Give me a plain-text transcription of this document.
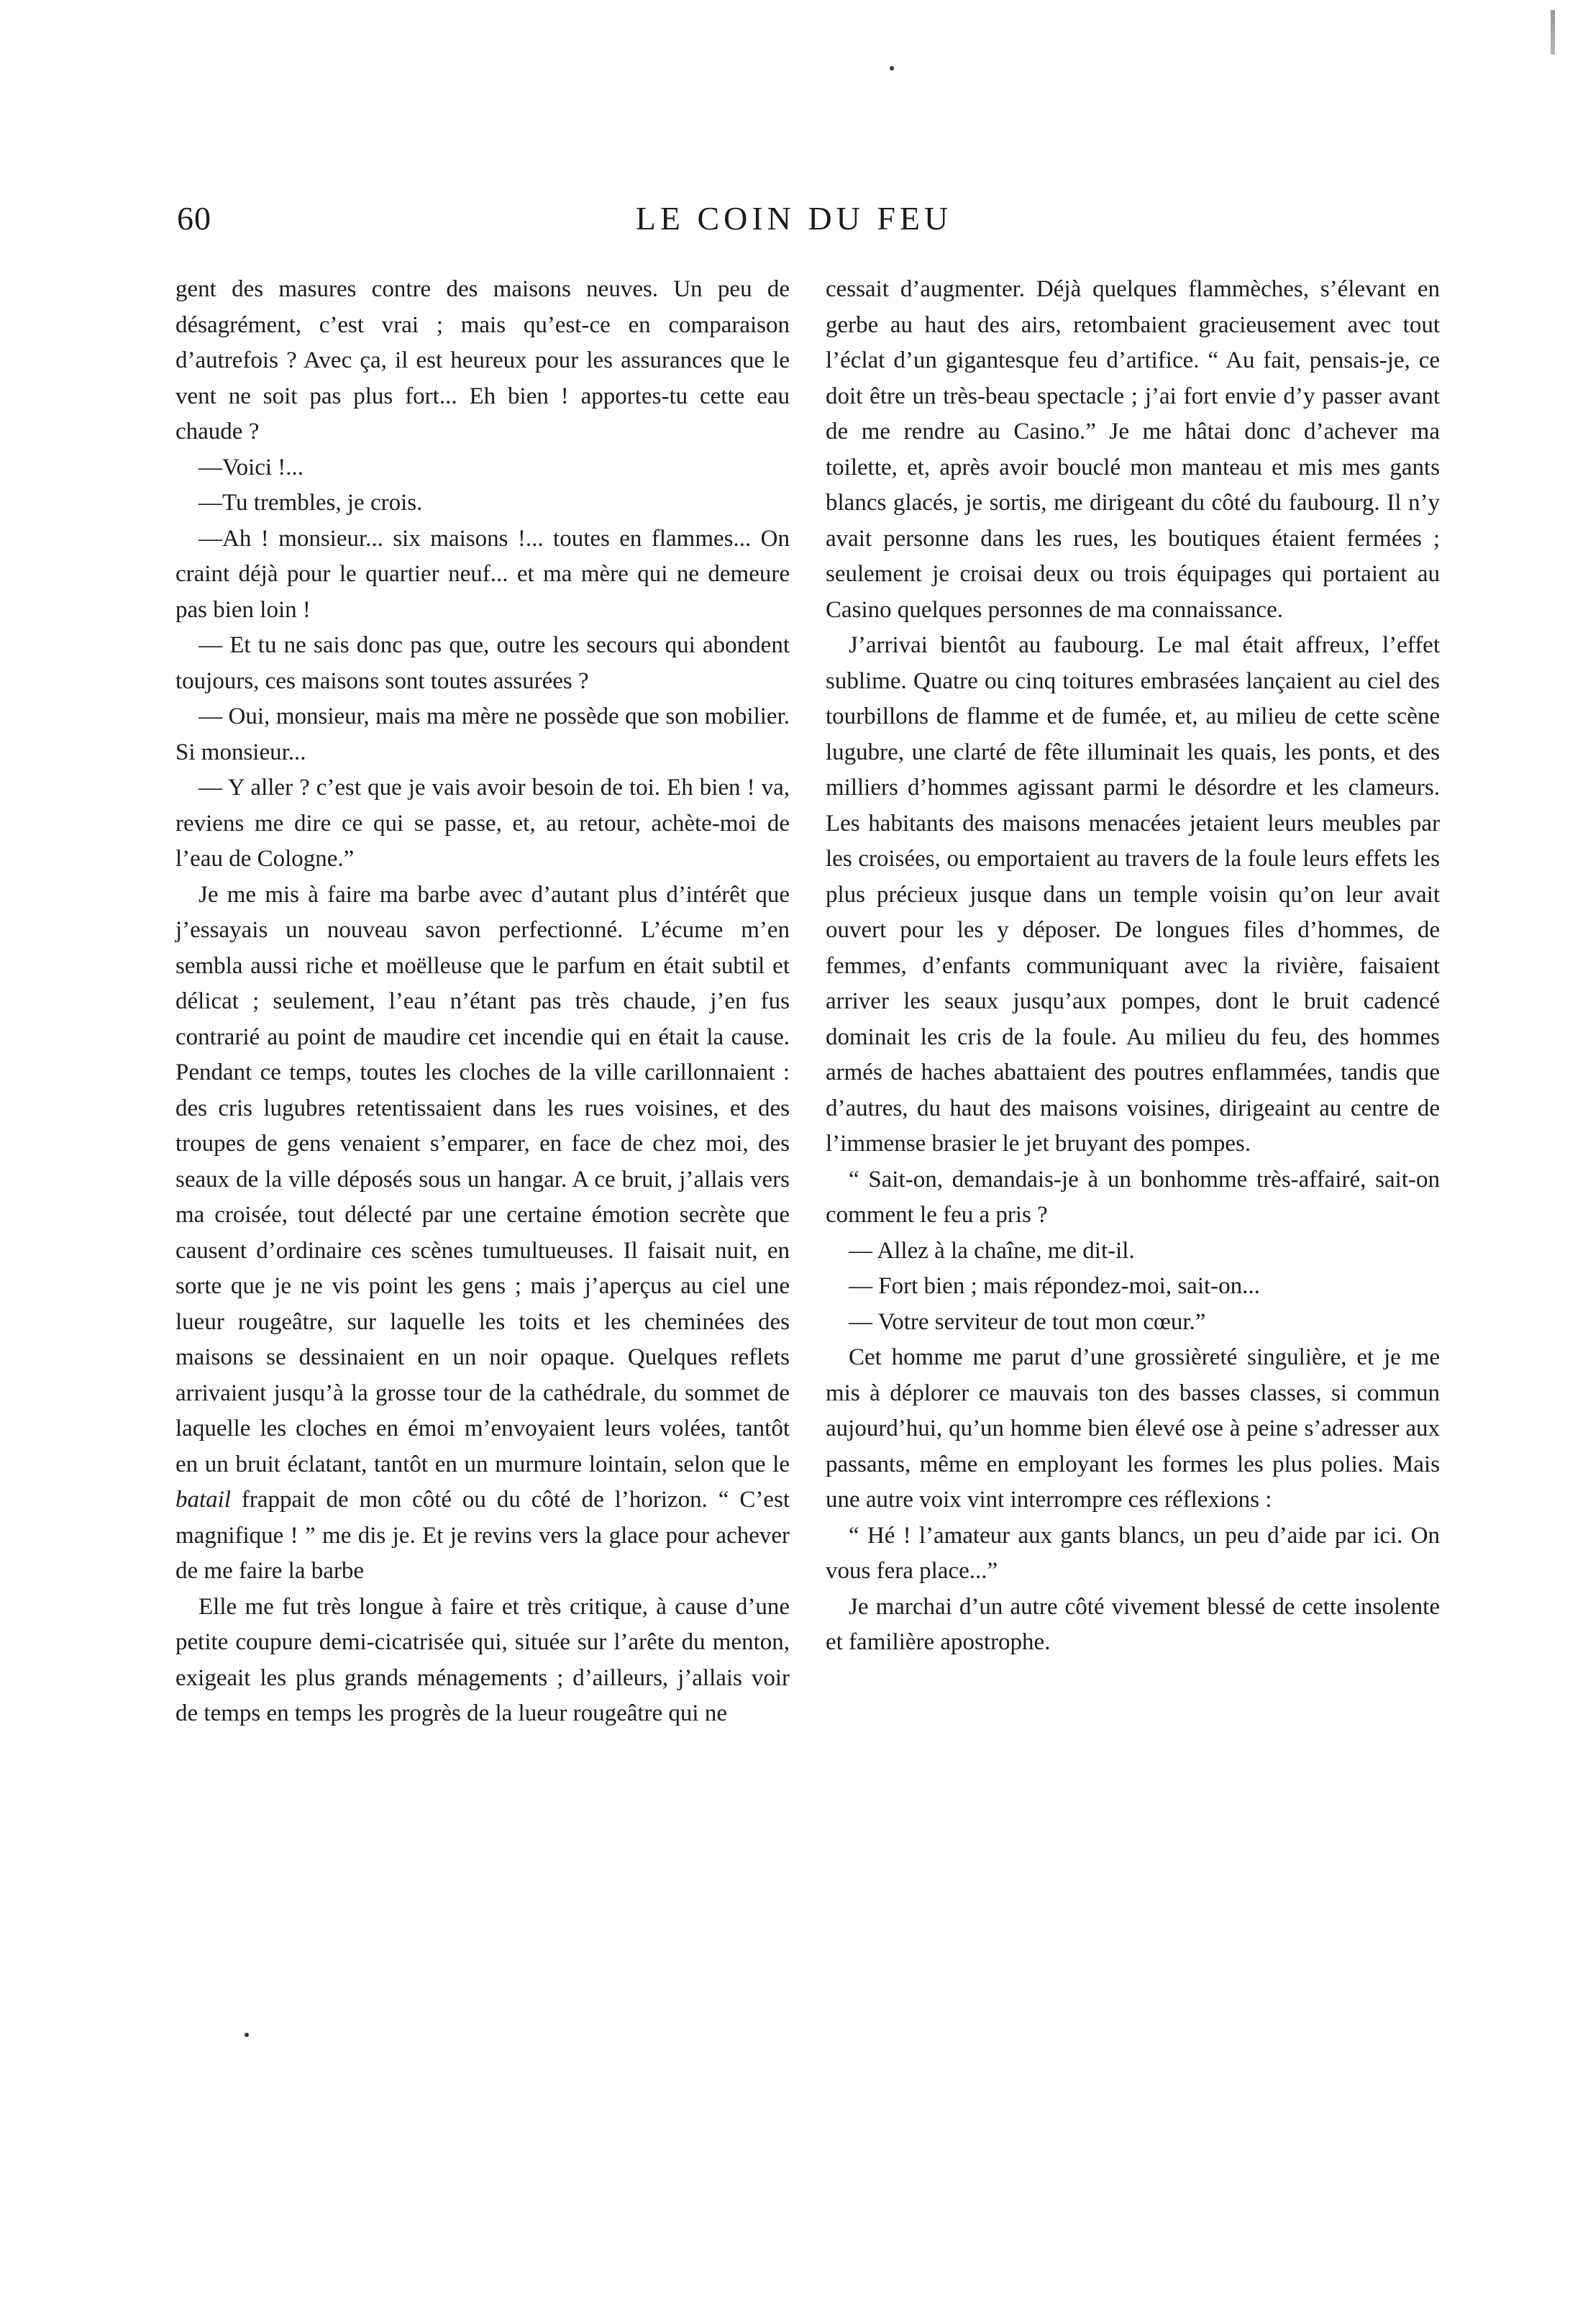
60	LE COIN DU FEU

gent des masures contre des maisons neuves. Un peu de désagrément, c’est vrai ; mais qu’est-ce en comparaison d’autrefois ? Avec ça, il est heureux pour les assurances que le vent ne soit pas plus fort... Eh bien ! apportes-tu cette eau chaude ?

—Voici !...

—Tu trembles, je crois.

—Ah ! monsieur... six maisons !... toutes en flammes... On craint déjà pour le quartier neuf... et ma mère qui ne demeure pas bien loin !

— Et tu ne sais donc pas que, outre les secours qui abondent toujours, ces maisons sont toutes assurées ?

— Oui, monsieur, mais ma mère ne possède que son mobilier. Si monsieur...

— Y aller ? c’est que je vais avoir besoin de toi. Eh bien ! va, reviens me dire ce qui se passe, et, au retour, achète-moi de l’eau de Cologne.”

Je me mis à faire ma barbe avec d’autant plus d’intérêt que j’essayais un nouveau savon perfectionné. L’écume m’en sembla aussi riche et moëlleuse que le parfum en était subtil et délicat ; seulement, l’eau n’étant pas très chaude, j’en fus contrarié au point de maudire cet incendie qui en était la cause. Pendant ce temps, toutes les cloches de la ville carillonnaient : des cris lugubres retentissaient dans les rues voisines, et des troupes de gens venaient s’emparer, en face de chez moi, des seaux de la ville déposés sous un hangar. A ce bruit, j’allais vers ma croisée, tout délecté par une certaine émotion secrète que causent d’ordinaire ces scènes tumultueuses. Il faisait nuit, en sorte que je ne vis point les gens ; mais j’aperçus au ciel une lueur rougeâtre, sur laquelle les toits et les cheminées des maisons se dessinaient en un noir opaque. Quelques reflets arrivaient jusqu’à la grosse tour de la cathédrale, du sommet de laquelle les cloches en émoi m’envoyaient leurs volées, tantôt en un bruit éclatant, tantôt en un murmure lointain, selon que le batail frappait de mon côté ou du côté de l’horizon. “ C’est magnifique ! ” me dis je. Et je revins vers la glace pour achever de me faire la barbe

Elle me fut très longue à faire et très critique, à cause d’une petite coupure demi-cicatrisée qui, située sur l’arête du menton, exigeait les plus grands ménagements ; d’ailleurs, j’allais voir de temps en temps les progrès de la lueur rougeâtre qui ne

cessait d’augmenter. Déjà quelques flammèches, s’élevant en gerbe au haut des airs, retombaient gracieusement avec tout l’éclat d’un gigantesque feu d’artifice. “ Au fait, pensais-je, ce doit être un très-beau spectacle ; j’ai fort envie d’y passer avant de me rendre au Casino.” Je me hâtai donc d’achever ma toilette, et, après avoir bouclé mon manteau et mis mes gants blancs glacés, je sortis, me dirigeant du côté du faubourg. Il n’y avait personne dans les rues, les boutiques étaient fermées ; seulement je croisai deux ou trois équipages qui portaient au Casino quelques personnes de ma connaissance.

J’arrivai bientôt au faubourg. Le mal était affreux, l’effet sublime. Quatre ou cinq toitures embrasées lançaient au ciel des tourbillons de flamme et de fumée, et, au milieu de cette scène lugubre, une clarté de fête illuminait les quais, les ponts, et des milliers d’hommes agissant parmi le désordre et les clameurs. Les habitants des maisons menacées jetaient leurs meubles par les croisées, ou emportaient au travers de la foule leurs effets les plus précieux jusque dans un temple voisin qu’on leur avait ouvert pour les y déposer. De longues files d’hommes, de femmes, d’enfants communiquant avec la rivière, faisaient arriver les seaux jusqu’aux pompes, dont le bruit cadencé dominait les cris de la foule. Au milieu du feu, des hommes armés de haches abattaient des poutres enflammées, tandis que d’autres, du haut des maisons voisines, dirigeaint au centre de l’immense brasier le jet bruyant des pompes.

“ Sait-on, demandais-je à un bonhomme très-affairé, sait-on comment le feu a pris ?

— Allez à la chaîne, me dit-il.

— Fort bien ; mais répondez-moi, sait-on...

— Votre serviteur de tout mon cœur.”

Cet homme me parut d’une grossièreté singulière, et je me mis à déplorer ce mauvais ton des basses classes, si commun aujourd’hui, qu’un homme bien élevé ose à peine s’adresser aux passants, même en employant les formes les plus polies. Mais une autre voix vint interrompre ces réflexions :

“ Hé ! l’amateur aux gants blancs, un peu d’aide par ici. On vous fera place...”

Je marchai d’un autre côté vivement blessé de cette insolente et familière apostrophe.
